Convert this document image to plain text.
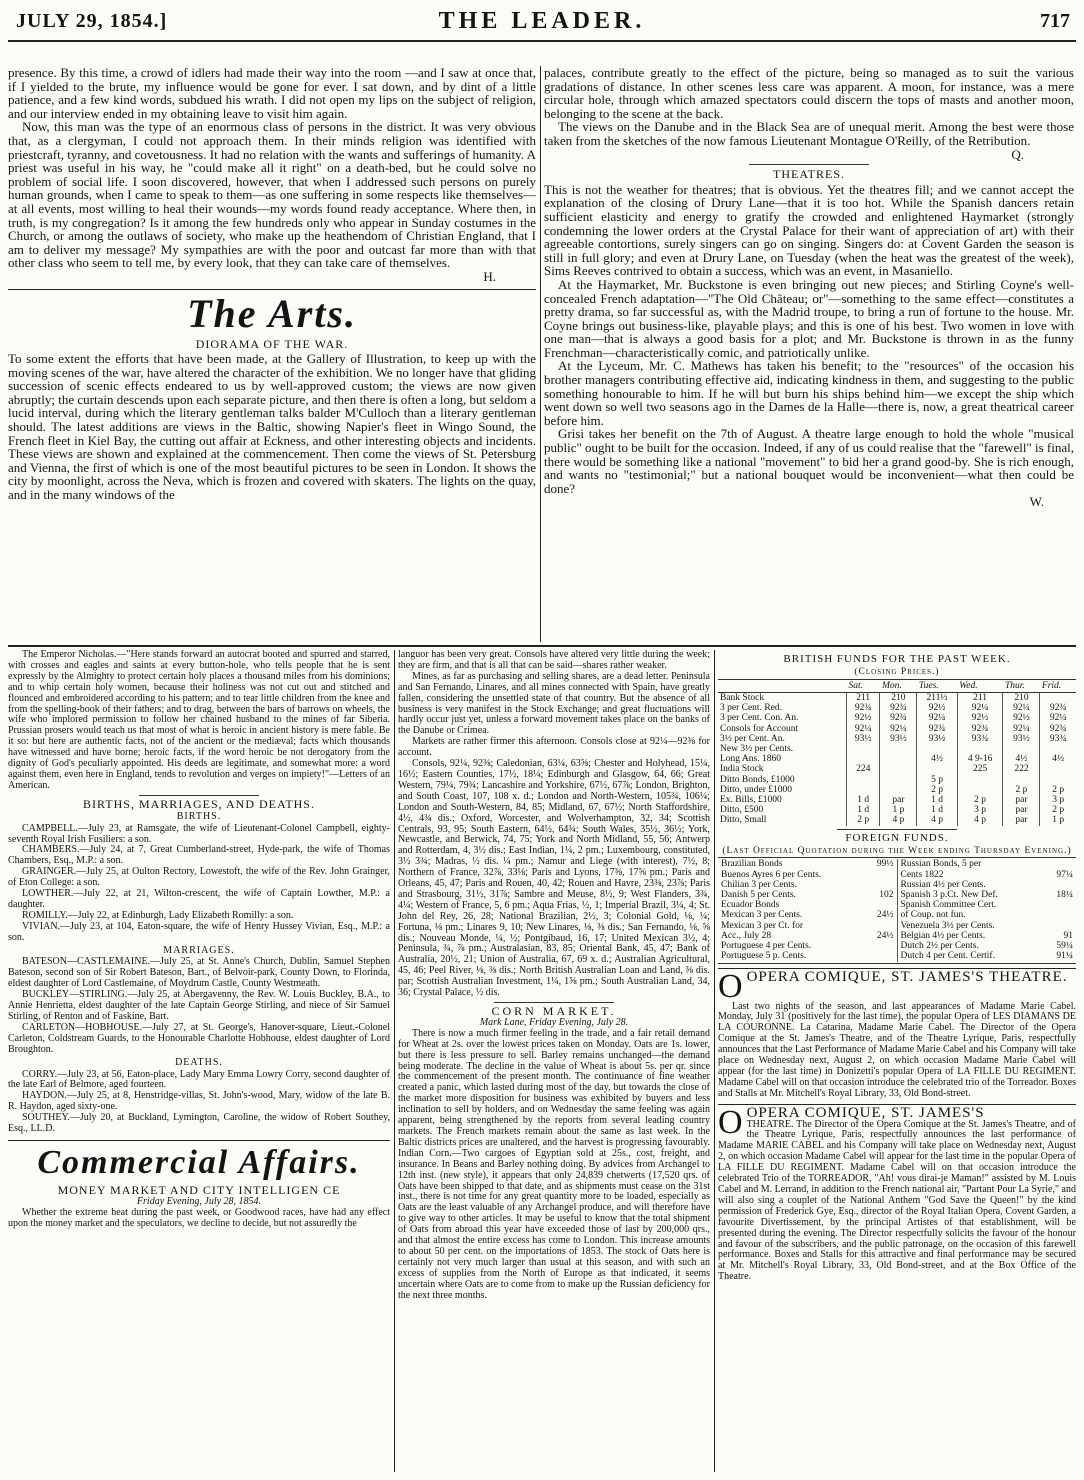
JULY 29, 1854.]	THE LEADER.	717

presence. By this time, a crowd of idlers had made their way into the room —and I saw at once that, if I yielded to the brute, my influence would be gone for ever. I sat down, and by dint of a little patience, and a few kind words, subdued his wrath. I did not open my lips on the subject of religion, and our interview ended in my obtaining leave to visit him again.

Now, this man was the type of an enormous class of persons in the district. It was very obvious that, as a clergyman, I could not approach them. In their minds religion was identified with priestcraft, tyranny, and covetousness. It had no relation with the wants and sufferings of humanity. A priest was useful in his way, he "could make all it right" on a death-bed, but he could solve no problem of social life. I soon discovered, however, that when I addressed such persons on purely human grounds, when I came to speak to them—as one suffering in some respects like themselves—at all events, most willing to heal their wounds—my words found ready acceptance. Where then, in truth, is my congregation? Is it among the few hundreds only who appear in Sunday costumes in the Church, or among the outlaws of society, who make up the heathendom of Christian England, that I am to deliver my message? My sympathies are with the poor and outcast far more than with that other class who seem to tell me, by every look, that they can take care of themselves.

H.
The Arts.
DIORAMA OF THE WAR.

To some extent the efforts that have been made, at the Gallery of Illustration, to keep up with the moving scenes of the war, have altered the character of the exhibition. We no longer have that gliding succession of scenic effects endeared to us by well-approved custom; the views are now given abruptly; the curtain descends upon each separate picture, and then there is often a long, but seldom a lucid interval, during which the literary gentleman talks balder M'Culloch than a literary gentleman should. The latest additions are views in the Baltic, showing Napier's fleet in Wingo Sound, the French fleet in Kiel Bay, the cutting out affair at Eckness, and other interesting objects and incidents. These views are shown and explained at the commencement. Then come the views of St. Petersburg and Vienna, the first of which is one of the most beautiful pictures to be seen in London. It shows the city by moonlight, across the Neva, which is frozen and covered with skaters. The lights on the quay, and in the many windows of the

palaces, contribute greatly to the effect of the picture, being so managed as to suit the various gradations of distance. In other scenes less care was apparent. A moon, for instance, was a mere circular hole, through which amazed spectators could discern the tops of masts and another moon, belonging to the scene at the back.

The views on the Danube and in the Black Sea are of unequal merit. Among the best were those taken from the sketches of the now famous Lieutenant Montague O'Reilly, of the Retribution.

Q.
THEATRES.

This is not the weather for theatres; that is obvious. Yet the theatres fill; and we cannot accept the explanation of the closing of Drury Lane—that it is too hot. While the Spanish dancers retain sufficient elasticity and energy to gratify the crowded and enlightened Haymarket (strongly condemning the lower orders at the Crystal Palace for their want of appreciation of art) with their agreeable contortions, surely singers can go on singing. Singers do: at Covent Garden the season is still in full glory; and even at Drury Lane, on Tuesday (when the heat was the greatest of the week), Sims Reeves contrived to obtain a success, which was an event, in Masaniello.

At the Haymarket, Mr. Buckstone is even bringing out new pieces; and Stirling Coyne's well-concealed French adaptation—"The Old Château; or"—something to the same effect—constitutes a pretty drama, so far successful as, with the Madrid troupe, to bring a run of fortune to the house. Mr. Coyne brings out business-like, playable plays; and this is one of his best. Two women in love with one man—that is always a good basis for a plot; and Mr. Buckstone is thrown in as the funny Frenchman—characteristically comic, and patriotically unlike.

At the Lyceum, Mr. C. Mathews has taken his benefit; to the "resources" of the occasion his brother managers contributing effective aid, indicating kindness in them, and suggesting to the public something honourable to him. If he will but burn his ships behind him—we except the ship which went down so well two seasons ago in the Dames de la Halle—there is, now, a great theatrical career before him.

Grisi takes her benefit on the 7th of August. A theatre large enough to hold the whole "musical public" ought to be built for the occasion. Indeed, if any of us could realise that the "farewell" is final, there would be something like a national "movement" to bid her a grand good-by. She is rich enough, and wants no "testimonial;" but a national bouquet would be inconvenient—what then could be done?

W.

The Emperor Nicholas.—"Here stands forward an autocrat booted and spurred and starred, with crosses and eagles and saints at every button-hole, who tells people that he is sent expressly by the Almighty to protect certain holy places a thousand miles from his dominions; and to whip certain holy women, because their holiness was not cut out and stitched and flounced and embroidered according to his pattern; and to tear little children from the knee and from the spelling-book of their fathers; and to drag, between the bars of barrows on wheels, the wife who implored permission to follow her chained husband to the mines of far Siberia. Prussian prosers would teach us that most of what is heroic in ancient history is mere fable. Be it so: but here are authentic facts, not of the ancient or the mediæval; facts which thousands have witnessed and have borne; heroic facts, if the word heroic be not derogatory from the dignity of God's peculiarly appointed. His deeds are legitimate, and somewhat more: a word against them, even here in England, tends to revolution and verges on impiety!"—Letters of an American.

BIRTHS, MARRIAGES, AND DEATHS.
BIRTHS.

CAMPBELL.—July 23, at Ramsgate, the wife of Lieutenant-Colonel Campbell, eighty-seventh Royal Irish Fusiliers: a son.

CHAMBERS.—July 24, at 7, Great Cumberland-street, Hyde-park, the wife of Thomas Chambers, Esq., M.P.: a son.

GRAINGER.—July 25, at Oulton Rectory, Lowestoft, the wife of the Rev. John Grainger, of Eton College: a son.

LOWTHER.—July 22, at 21, Wilton-crescent, the wife of Captain Lowther, M.P.: a daughter.

ROMILLY.—July 22, at Edinburgh, Lady Elizabeth Romilly: a son.

VIVIAN.—July 23, at 104, Eaton-square, the wife of Henry Hussey Vivian, Esq., M.P.: a son.

MARRIAGES.

BATESON—CASTLEMAINE.—July 25, at St. Anne's Church, Dublin, Samuel Stephen Bateson, second son of Sir Robert Bateson, Bart., of Belvoir-park, County Down, to Florinda, eldest daughter of Lord Castlemaine, of Moydrum Castle, County Westmeath.

BUCKLEY—STIRLING.—July 25, at Abergavenny, the Rev. W. Louis Buckley, B.A., to Annie Henrietta, eldest daughter of the late Captain George Stirling, and niece of Sir Samuel Stirling, of Renton and of Faskine, Bart.

CARLETON—HOBHOUSE.—July 27, at St. George's, Hanover-square, Lieut.-Colonel Carleton, Coldstream Guards, to the Honourable Charlotte Hobhouse, eldest daughter of Lord Broughton.

DEATHS.

CORRY.—July 23, at 56, Eaton-place, Lady Mary Emma Lowry Corry, second daughter of the late Earl of Belmore, aged fourteen.

HAYDON.—July 25, at 8, Henstridge-villas, St. John's-wood, Mary, widow of the late B. R. Haydon, aged sixty-one.

SOUTHEY.—July 20, at Buckland, Lymington, Caroline, the widow of Robert Southey, Esq., LL.D.

Commercial Affairs.
MONEY MARKET AND CITY INTELLIGEN CE
Friday Evening, July 28, 1854.

Whether the extreme heat during the past week, or Goodwood races, have had any effect upon the money market and the speculators, we decline to decide, but not assuredly the

languor has been very great. Consols have altered very little during the week; they are firm, and that is all that can be said—shares rather weaker.

Mines, as far as purchasing and selling shares, are a dead letter. Peninsula and San Fernando, Linares, and all mines connected with Spain, have greatly fallen, considering the unsettled state of that country. But the absence of all business is very manifest in the Stock Exchange; and great fluctuations will hardly occur just yet, unless a forward movement takes place on the banks of the Danube or Crimea.

Markets are rather firmer this afternoon. Consols close at 92¼—92⅜ for account.

Consols, 92¼, 92⅜; Caledonian, 63¼, 63⅝; Chester and Holyhead, 15¼, 16½; Eastern Counties, 17½, 18¼; Edinburgh and Glasgow, 64, 66; Great Western, 79¼, 79¾; Lancashire and Yorkshire, 67½, 67⅞; London, Brighton, and South Coast, 107, 108 x. d.; London and North-Western, 105¾, 106¼; London and South-Western, 84, 85; Midland, 67, 67½; North Staffordshire, 4½, 4¾ dis.; Oxford, Worcester, and Wolverhampton, 32, 34; Scottish Centrals, 93, 95; South Eastern, 64½, 64¾; South Wales, 35½, 36½; York, Newcastle, and Berwick, 74, 75; York and North Midland, 55, 56; Antwerp and Rotterdam, 4, 3½ dis.; East Indian, 1¼, 2 pm.; Luxembourg, constituted, 3½ 3¾; Madras, ½ dis. ¼ pm.; Namur and Liege (with interest), 7½, 8; Northern of France, 32⅞, 33⅛; Paris and Lyons, 17⅜, 17⅝ pm.; Paris and Orleans, 45, 47; Paris and Rouen, 40, 42; Rouen and Havre, 23⅜, 23⅞; Paris and Strasbourg, 31½, 31⅞; Sambre and Meuse, 8½, 9; West Flanders, 3¾, 4¼; Western of France, 5, 6 pm.; Aqua Frias, ½, 1; Imperial Brazil, 3¼, 4; St. John del Rey, 26, 28; National Brazilian, 2½, 3; Colonial Gold, ⅛, ¼; Fortuna, ⅛ pm.; Linares 9, 10; New Linares, ⅛, ⅜ dis.; San Fernando, ⅛, ⅝ dis.; Nouveau Monde, ¼, ½; Pontgibaud, 16, 17; United Mexican 3½, 4; Peninsula, ¾, ⅞ pm.; Australasian, 83, 85; Oriental Bank, 45, 47; Bank of Australia, 20½, 21; Union of Australia, 67, 69 x. d.; Australian Agricultural, 45, 46; Peel River, ⅛, ⅜ dis.; North British Australian Loan and Land, ⅜ dis. par; Scottish Australian Investment, 1¼, 1⅝ pm.; South Australian Land, 34, 36; Crystal Palace, ½ dis.

CORN MARKET.
Mark Lane, Friday Evening, July 28.

There is now a much firmer feeling in the trade, and a fair retail demand for Wheat at 2s. over the lowest prices taken on Monday. Oats are 1s. lower, but there is less pressure to sell. Barley remains unchanged—the demand being moderate. The decline in the value of Wheat is about 5s. per qr. since the commencement of the present month. The continuance of fine weather created a panic, which lasted during most of the day, but towards the close of the market more disposition for business was exhibited by buyers and less inclination to sell by holders, and on Wednesday the same feeling was again apparent, being strengthened by the reports from several leading country markets. The French markets remain about the same as last week. In the Baltic districts prices are unaltered, and the harvest is progressing favourably. Indian Corn.—Two cargoes of Egyptian sold at 25s., cost, freight, and insurance. In Beans and Barley nothing doing. By advices from Archangel to 12th inst. (new style), it appears that only 24,839 chetwerts (17,520 qrs. of Oats have been shipped to that date, and as shipments must cease on the 31st inst., there is not time for any great quantity more to be loaded, especially as Oats are the least valuable of any Archangel produce, and will therefore have to give way to other articles. It may be useful to know that the total shipment of Oats from abroad this year have exceeded those of last by 200,000 qrs., and that almost the entire excess has come to London. This increase amounts to about 50 per cent. on the importations of 1853. The stock of Oats here is certainly not very much larger than usual at this season, and with such an excess of supplies from the North of Europe as that indicated, it seems uncertain where Oats are to come from to make up the Russian deficiency for the next three months.

BRITISH FUNDS FOR THE PAST WEEK.
(Closing Prices.)
	Sat.	Mon.	Tues.	Wed.	Thur.	Frid.
Bank Stock	211	210	211½	211	210	
3 per Cent. Red.	92¾	92¾	92½	92¼	92¼	92¾
3 per Cent. Con. An.	92½	92¾	92¼	92½	92½	92¼
Consols for Account	92¼	92¼	92¾	92¾	92¼	92¾
3½ per Cent. An.	93½	93½	93½	93¾	93½	93¾
New 3½ per Cents.						
Long Ans. 1860			4½	4 9-16	4½	4½
India Stock	224			225	222	
Ditto Bonds, £1000			5 p			
Ditto, under £1000			2 p		2 p	2 p
Ex. Bills, £1000	1 d	par	1 d	2 p	par	3 p
Ditto, £500	1 d	1 p	1 d	3 p	par	2 p
Ditto, Small	2 p	4 p	4 p	4 p	par	1 p
FOREIGN FUNDS.
(Last Official Quotation during the Week ending Thursday Evening.)
Brazilian Bonds	99½
Buenos Ayres 6 per Cents.
Chilian 3 per Cents.
Danish 5 per Cents.	102
Ecuador Bonds
Mexican 3 per Cents.	24½
Mexican 3 per Ct. for
Acc., July 28	24½
Portuguese 4 per Cents.
Portuguese 5 p. Cents.
Russian Bonds, 5 per
Cents 1822	97¼
Russian 4½ per Cents.
Spanish 3 p.Ct. New Def.	18¼
Spanish Committee Cert.
of Coup. not fun.
Venezuela 3½ per Cents.
Belgian 4½ per Cents.	91
Dutch 2½ per Cents.	59¼
Dutch 4 per Cent. Certif.	91¼
OOPERA COMIQUE, ST. JAMES'S THEATRE.

Last two nights of the season, and last appearances of Madame Marie Cabel. Monday, July 31 (positively for the last time), the popular Opera of LES DIAMANS DE LA COURONNE. La Catarina, Madame Marie Cabel. The Director of the Opera Comique at the St. James's Theatre, and of the Theatre Lyrique, Paris, respectfully announces that the Last Performance of Madame Marie Cabel and his Company will take place on Wednesday next, August 2, on which occasion Madame Marie Cabel will appear (for the last time) in Donizetti's popular Opera of LA FILLE DU REGIMENT. Madame Cabel will on that occasion introduce the celebrated trio of the Torreador. Boxes and Stalls at Mr. Mitchell's Royal Library, 33, Old Bond-street.

OOPERA COMIQUE, ST. JAMES'S

THEATRE. The Director of the Opera Comique at the St. James's Theatre, and of the Theatre Lyrique, Paris, respectfully announces the last performance of Madame MARIE CABEL and his Company will take place on Wednesday next, August 2, on which occasion Madame Cabel will appear for the last time in the popular Opera of LA FILLE DU REGIMENT. Madame Cabel will on that occasion introduce the celebrated Trio of the TORREADOR, "Ah! vous dirai-je Maman!" assisted by M. Louis Cabel and M. Lerrand, in addition to the French national air, "Partant Pour La Syrie," and will also sing a couplet of the National Anthem "God Save the Queen!" by the kind permission of Frederick Gye, Esq., director of the Royal Italian Opera, Covent Garden, a favourite Divertissement, by the principal Artistes of that establishment, will be presented during the evening. The Director respectfully solicits the favour of the honour and favour of the subscribers, and the public patronage, on the occasion of this farewell performance. Boxes and Stalls for this attractive and final performance may be secured at Mr. Mitchell's Royal Library, 33, Old Bond-street, and at the Box Office of the Theatre.
